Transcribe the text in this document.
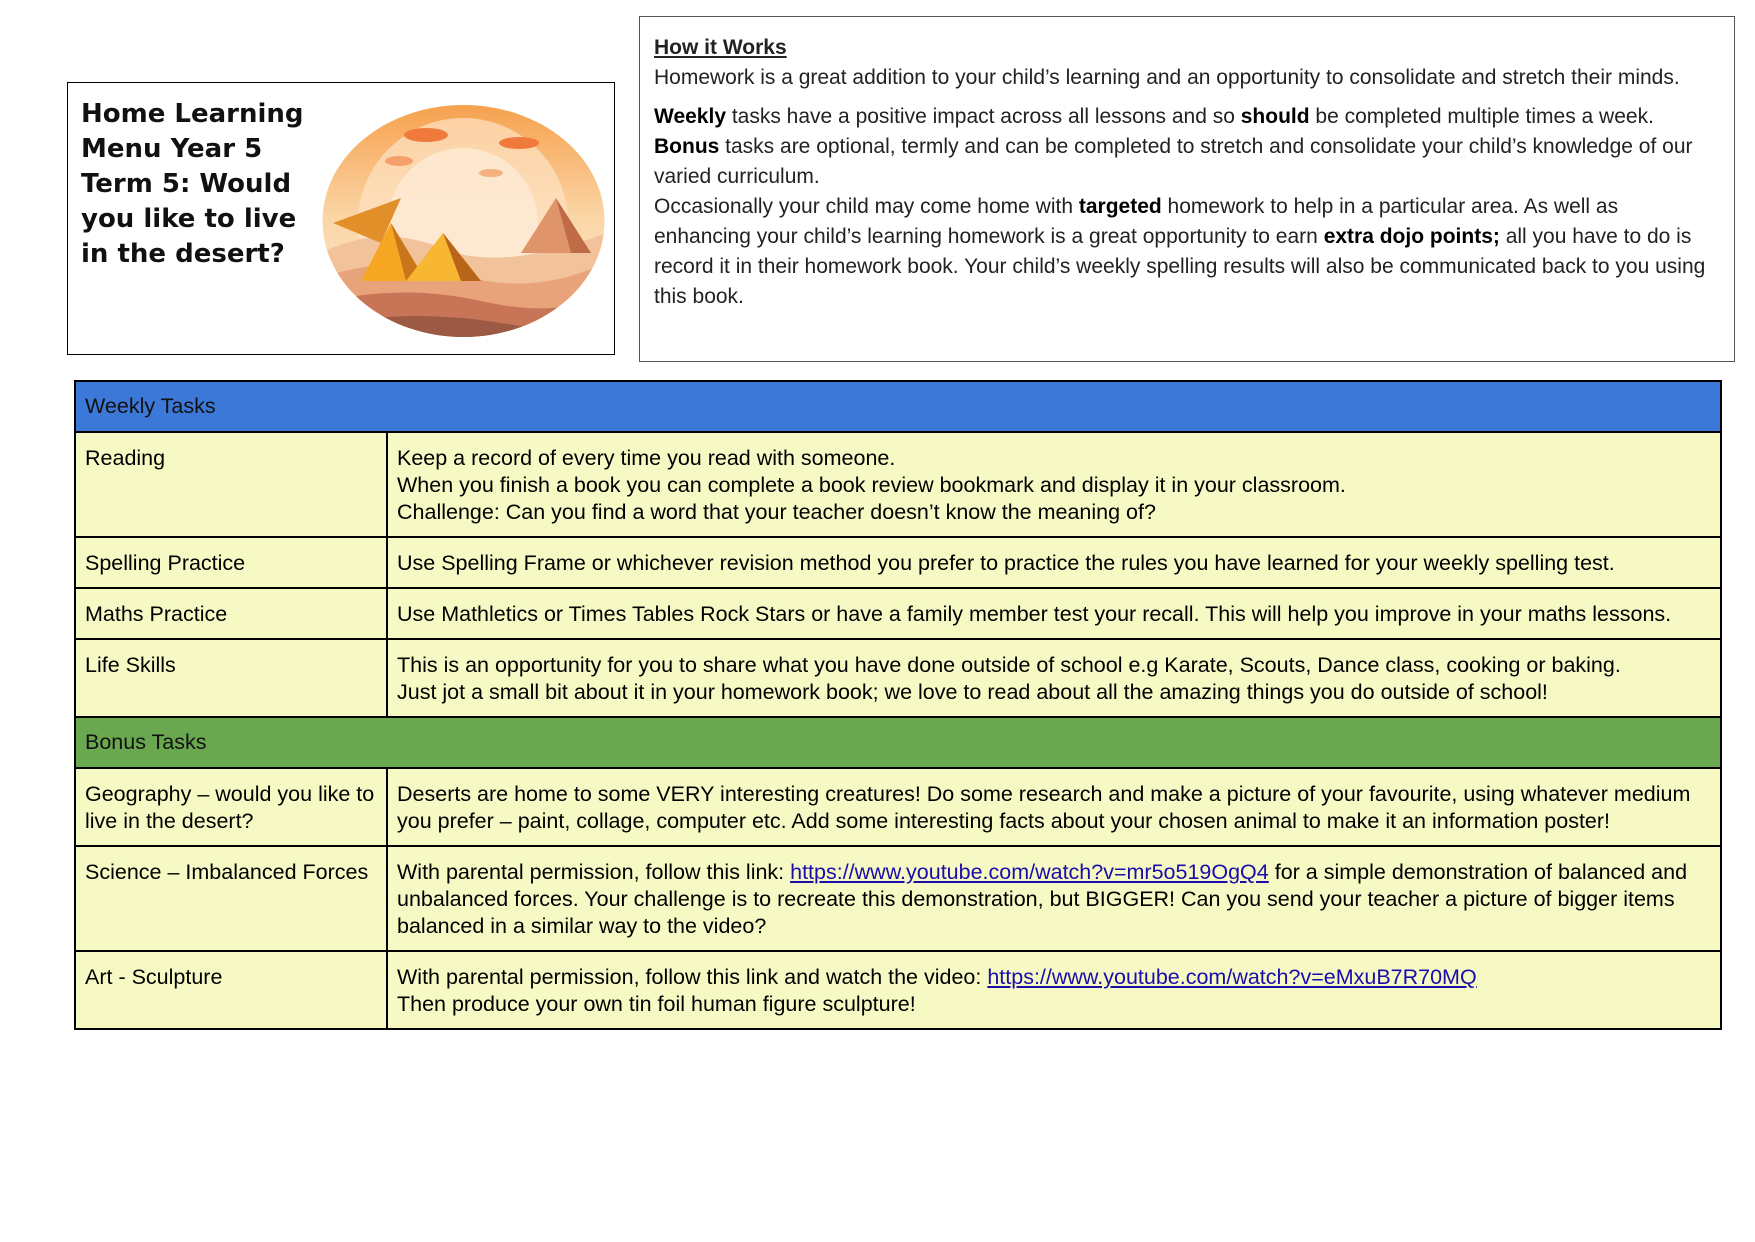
Home Learning
Menu Year 5
Term 5: Would
you like to live
in the desert?

How it Works

Homework is a great addition to your child’s learning and an opportunity to consolidate and stretch their minds.

Weekly tasks have a positive impact across all lessons and so should be completed multiple times a week. Bonus tasks are optional, termly and can be completed to stretch and consolidate your child’s knowledge of our varied curriculum.

Occasionally your child may come home with targeted homework to help in a particular area. As well as enhancing your child’s learning homework is a great opportunity to earn extra dojo points; all you have to do is record it in their homework book. Your child’s weekly spelling results will also be communicated back to you using this book.

Weekly Tasks	
Reading	Keep a record of every time you read with someone.
When you finish a book you can complete a book review bookmark and display it in your classroom.
Challenge: Can you find a word that your teacher doesn’t know the meaning of?

Spelling Practice	Use Spelling Frame or whichever revision method you prefer to practice the rules you have learned for your weekly spelling test.
Maths Practice	Use Mathletics or Times Tables Rock Stars or have a family member test your recall. This will help you improve in your maths lessons.
Life Skills	This is an opportunity for you to share what you have done outside of school e.g Karate, Scouts, Dance class, cooking or baking.
Just jot a small bit about it in your homework book; we love to read about all the amazing things you do outside of school!

Bonus Tasks	
Geography – would you like to live in the desert?	Deserts are home to some VERY interesting creatures! Do some research and make a picture of your favourite, using whatever medium you prefer – paint, collage, computer etc. Add some interesting facts about your chosen animal to make it an information poster!
Science – Imbalanced Forces	With parental permission, follow this link: https://www.youtube.com/watch?v=mr5o519OgQ4 for a simple demonstration of balanced and unbalanced forces. Your challenge is to recreate this demonstration, but BIGGER! Can you send your teacher a picture of bigger items balanced in a similar way to the video?
Art - Sculpture	With parental permission, follow this link and watch the video: https://www.youtube.com/watch?v=eMxuB7R70MQ
Then produce your own tin foil human figure sculpture!
